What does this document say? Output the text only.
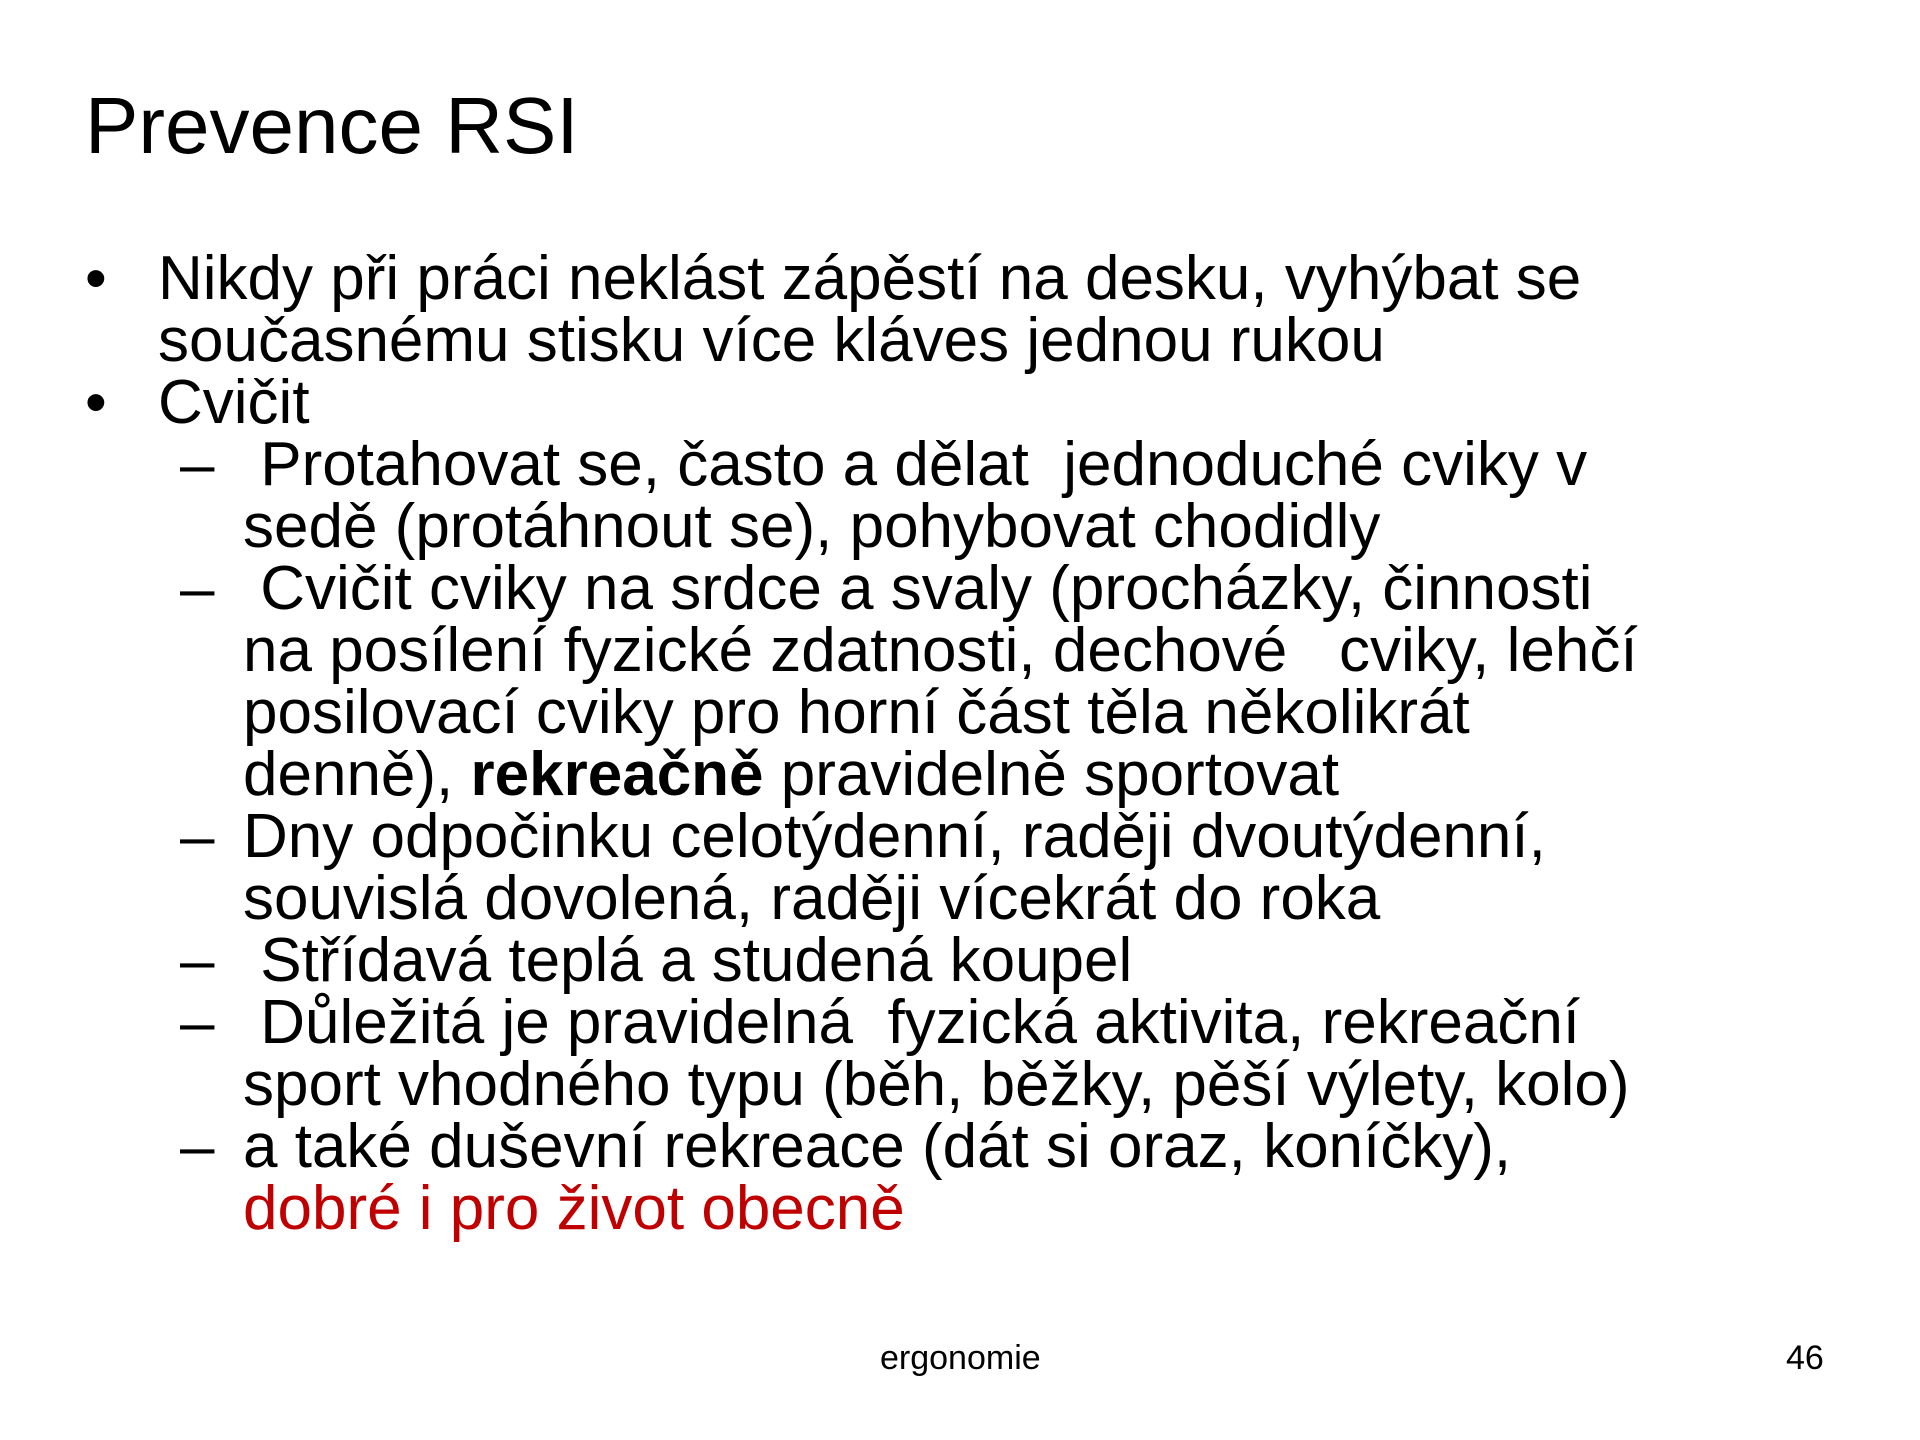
Prevence RSI
• Nikdy při práci neklást zápěstí na desku, vyhýbat se
současnému stisku více kláves jednou rukou
• Cvičit
– Protahovat se, často a dělat  jednoduché cviky v
sedě (protáhnout se), pohybovat chodidly
– Cvičit cviky na srdce a svaly (procházky, činnosti
na posílení fyzické zdatnosti, dechové   cviky, lehčí
posilovací cviky pro horní část těla několikrát
denně), rekreačně pravidelně sportovat
– Dny odpočinku celotýdenní, raději dvoutýdenní,
souvislá dovolená, raději vícekrát do roka
– Střídavá teplá a studená koupel
– Důležitá je pravidelná  fyzická aktivita, rekreační
sport vhodného typu (běh, běžky, pěší výlety, kolo)
– a také duševní rekreace (dát si oraz, koníčky),
dobré i pro život obecně
ergonomie	46
